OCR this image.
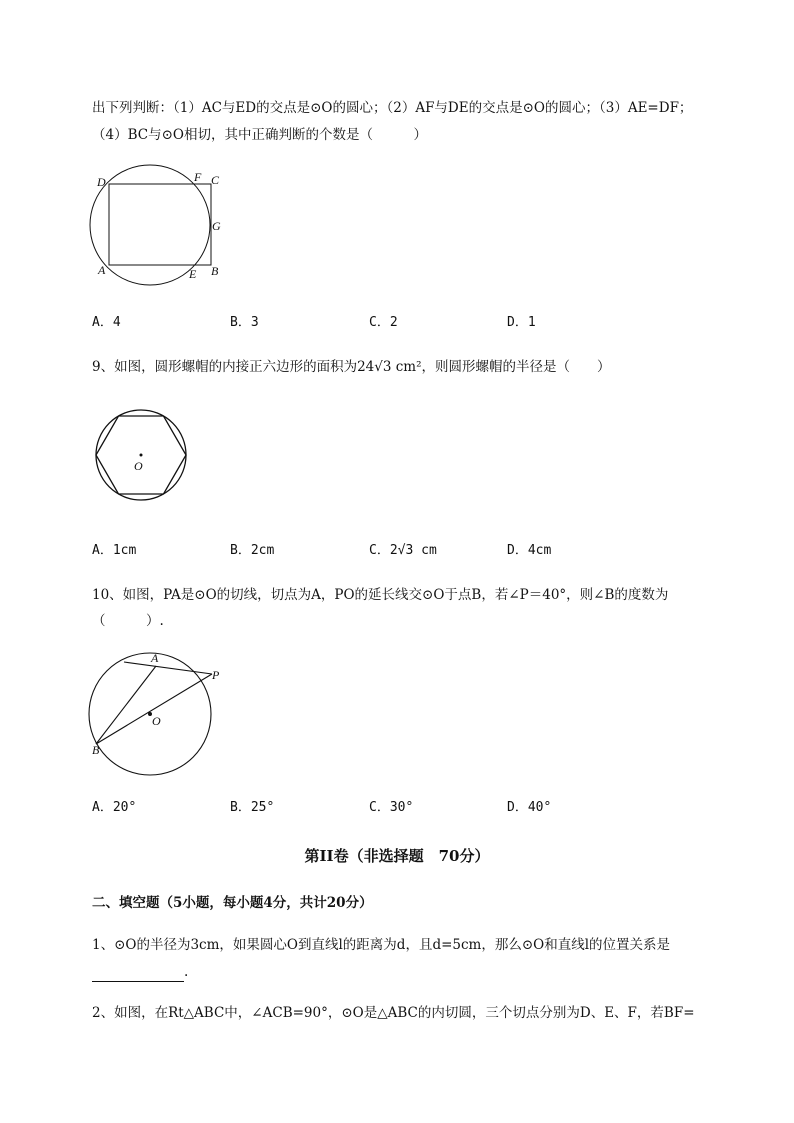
出下列判断：（1）AC与ED的交点是⊙O的圆心；（2）AF与DE的交点是⊙O的圆心；（3）AE=DF；
（4）BC与⊙O相切，其中正确判断的个数是（　　　）
D	F C
G
A	E B
A．4	B．3	C．2	D．1
9、如图，圆形螺帽的内接正六边形的面积为24√3 cm²，则圆形螺帽的半径是（　　）
O
A．1cm	B．2cm	C．2√3 cm	D．4cm
10、如图，PA是⊙O的切线，切点为A，PO的延长线交⊙O于点B，若∠P＝40°，则∠B的度数为
（　　　）.
A
P
O
B
A．20°	B．25°	C．30°	D．40°
第II卷（非选择题　70分）
二、填空题（5小题，每小题4分，共计20分）
1、⊙O的半径为3cm，如果圆心O到直线l的距离为d，且d=5cm，那么⊙O和直线l的位置关系是
.
2、如图，在Rt△ABC中，∠ACB=90°，⊙O是△ABC的内切圆，三个切点分别为D、E、F，若BF=
